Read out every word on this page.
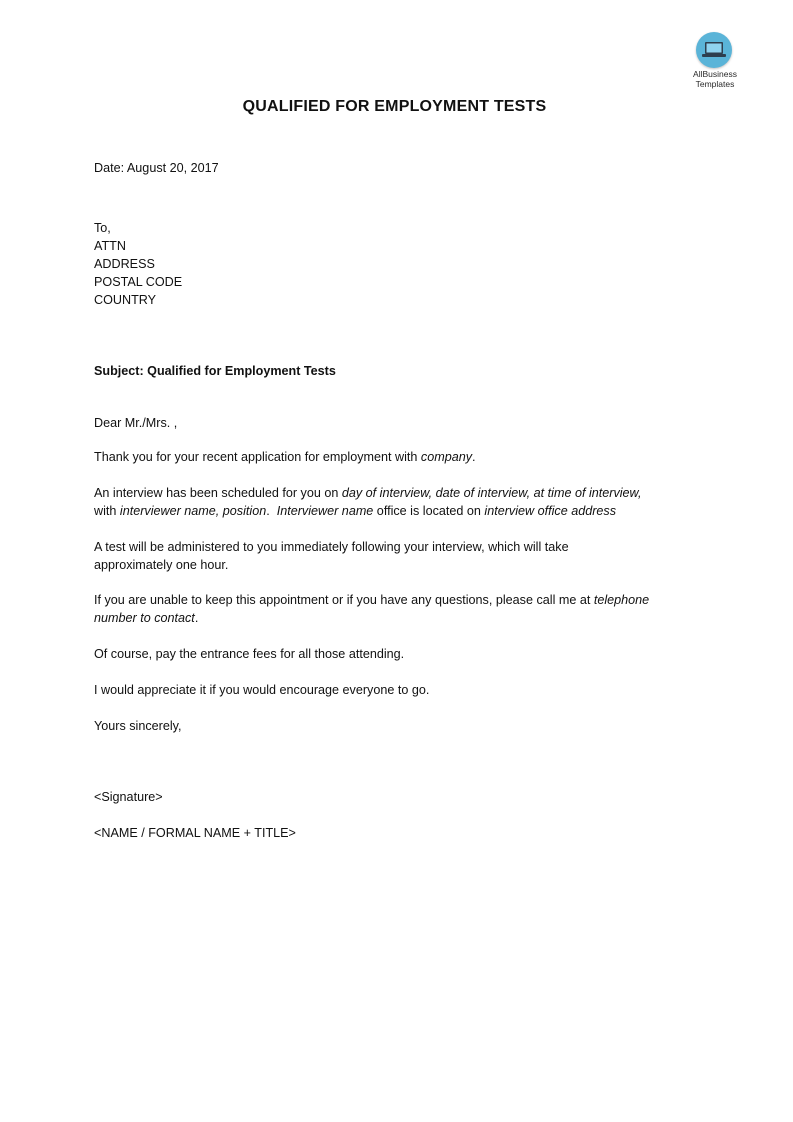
AllBusiness
Templates
QUALIFIED FOR EMPLOYMENT TESTS
Date: August 20, 2017
To,
ATTN
ADDRESS
POSTAL CODE
COUNTRY
Subject: Qualified for Employment Tests
Dear Mr./Mrs. ,
Thank you for your recent application for employment with company.
An interview has been scheduled for you on day of interview, date of interview, at time of interview,
with interviewer name, position.  Interviewer name office is located on interview office address
A test will be administered to you immediately following your interview, which will take
approximately one hour.
If you are unable to keep this appointment or if you have any questions, please call me at telephone
number to contact.
Of course, pay the entrance fees for all those attending.
I would appreciate it if you would encourage everyone to go.
Yours sincerely,
<Signature>
<NAME / FORMAL NAME + TITLE>
